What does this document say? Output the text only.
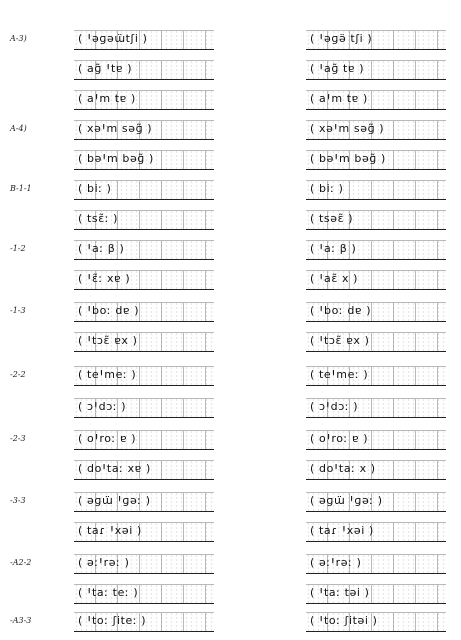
A-3)	( Ꞌəɡəɯ̈tʃi )	( Ꞌəɡə̈ tʃi )
( aɡ̃ Ꞌtɐ )	( Ꞌaɡ̃ tɐ )
( aꞋm tɐ )	( aꞋm tɐ )
A-4)	( xəꞋm səɡ̃ )	( xəꞋm səɡ̃ )
( bəꞋm bəɡ̃ )	( bəꞋm bəɡ̃ )
B-1-1	( biː )	( biː )
( tsɛ̃ː )	( tsəɛ̃ )
-1-2	( Ꞌaː β )	( Ꞌaː β )
( Ꞌɛ̃ː xɐ )	( Ꞌaɛ̃ x )
-1-3	( Ꞌboː dɐ )	( Ꞌboː dɐ )
( Ꞌtɔɛ̃ ɐx )	( Ꞌtɔɛ̃ ɐx )
-2-2	( teꞋmeː )	( teꞋmeː )
( ɔꞋdɔː )	( ɔꞋdɔː )
-2-3	( oꞋroː ɐ )	( oꞋroː ɐ )
( doꞋtaː xɐ )	( doꞋtaː x )
-3-3	( əɡɯ̈ Ꞌɡəː )	( əɡɯ̈ Ꞌɡəː )
( taɾ Ꞌxəi )	( taɾ Ꞌxəi )
-A2-2	( əːꞋrəː )	( əːꞋrəː )
( Ꞌtaː teː )	( Ꞌtaː təi )
-A3-3	( Ꞌtoː ʃiteː )	( Ꞌtoː ʃitəi )
